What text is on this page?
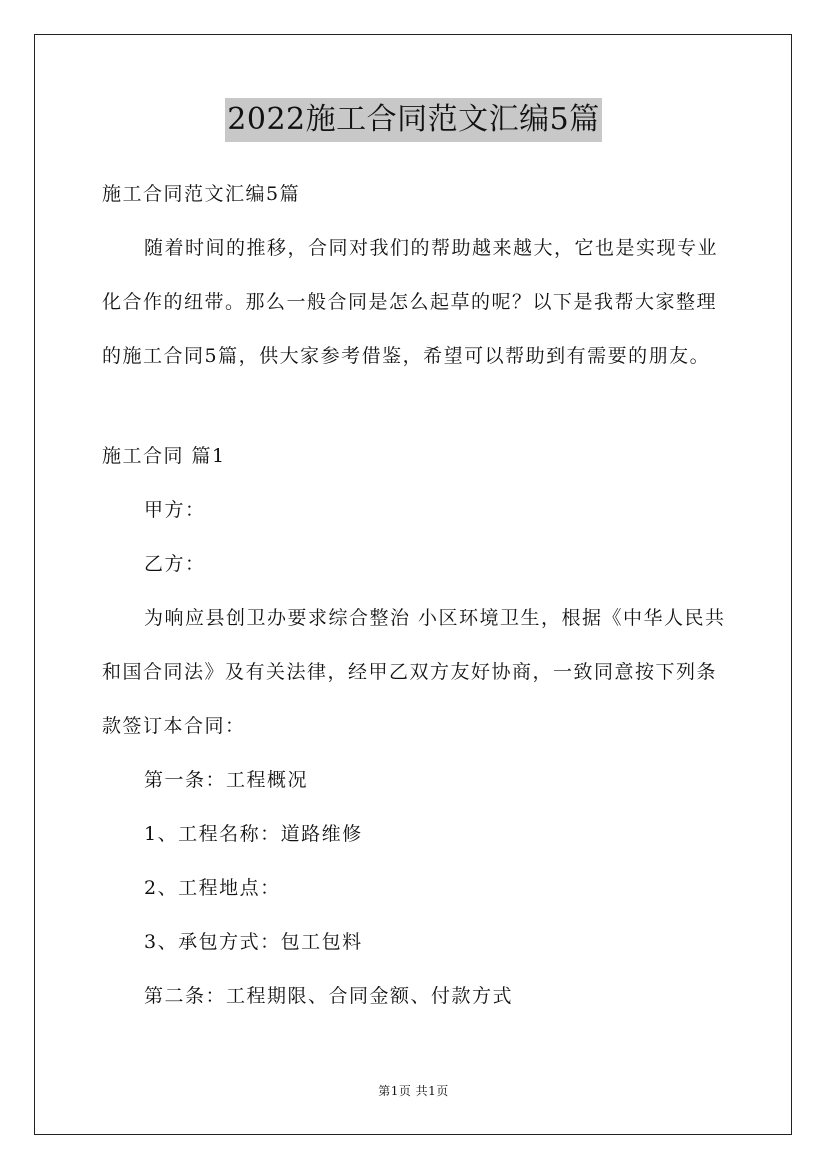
2022施工合同范文汇编5篇
施工合同范文汇编5篇
随着时间的推移，合同对我们的帮助越来越大，它也是实现专业
化合作的纽带。那么一般合同是怎么起草的呢？以下是我帮大家整理
的施工合同5篇，供大家参考借鉴，希望可以帮助到有需要的朋友。
施工合同 篇1
甲方：
乙方：
为响应县创卫办要求综合整治 小区环境卫生，根据《中华人民共
和国合同法》及有关法律，经甲乙双方友好协商，一致同意按下列条
款签订本合同：
第一条：工程概况
1、工程名称：道路维修
2、工程地点：
3、承包方式：包工包料
第二条：工程期限、合同金额、付款方式
第1页 共1页
